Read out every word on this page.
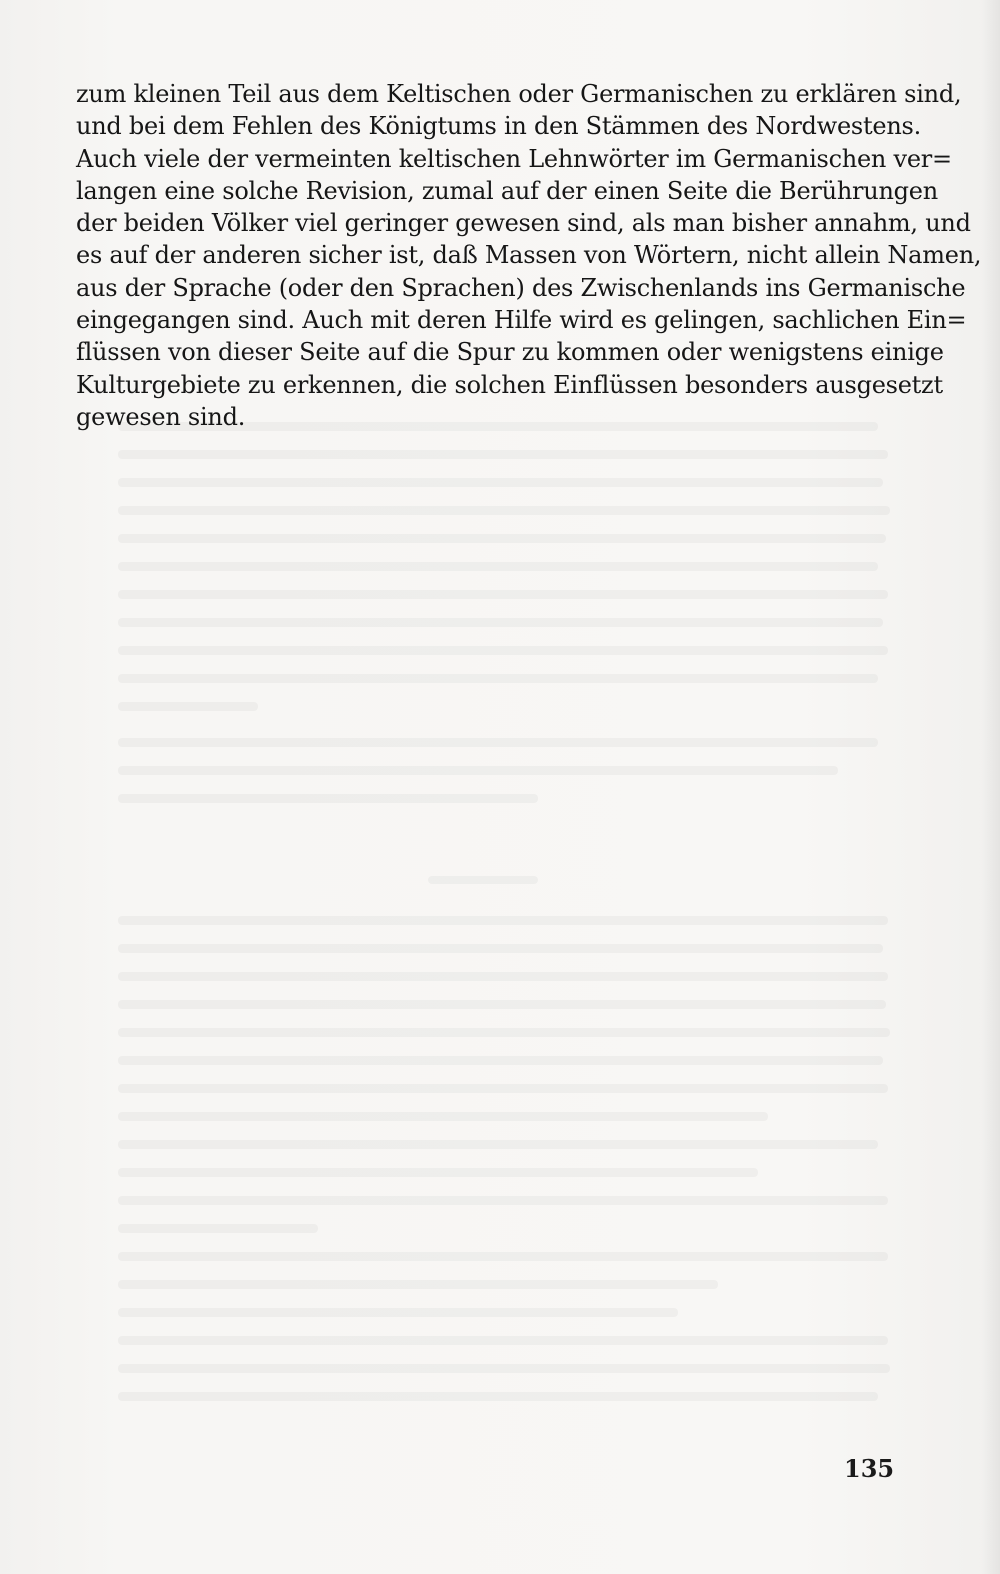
zum kleinen Teil aus dem Keltischen oder Germanischen zu erklären sind,
und bei dem Fehlen des Königtums in den Stämmen des Nordwestens.
Auch viele der vermeinten keltischen Lehnwörter im Germanischen ver=
langen eine solche Revision, zumal auf der einen Seite die Berührungen
der beiden Völker viel geringer gewesen sind, als man bisher annahm, und
es auf der anderen sicher ist, daß Massen von Wörtern, nicht allein Namen,
aus der Sprache (oder den Sprachen) des Zwischenlands ins Germanische
eingegangen sind. Auch mit deren Hilfe wird es gelingen, sachlichen Ein=
flüssen von dieser Seite auf die Spur zu kommen oder wenigstens einige
Kulturgebiete zu erkennen, die solchen Einflüssen besonders ausgesetzt
gewesen sind.
135
